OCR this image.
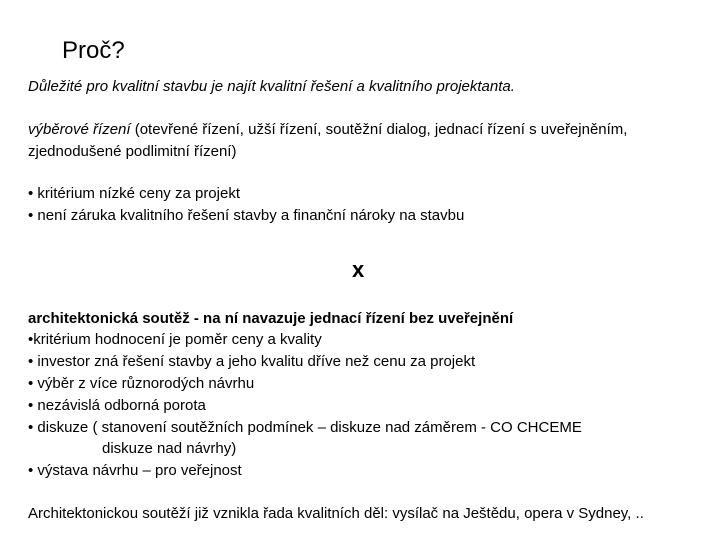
Proč?
Důležité pro kvalitní stavbu je najít kvalitní řešení a kvalitního projektanta.
výběrové řízení (otevřené řízení, užší řízení, soutěžní dialog, jednací řízení s uveřejněním,
zjednodušené podlimitní řízení)
• kritérium nízké ceny za projekt
• není záruka kvalitního řešení stavby a finanční nároky na stavbu
x
architektonická soutěž - na ní navazuje jednací řízení bez uveřejnění
•kritérium hodnocení je poměr ceny a kvality
• investor zná řešení stavby a jeho kvalitu dříve než cenu za projekt
• výběr z více různorodých návrhu
• nezávislá odborná porota
• diskuze ( stanovení soutěžních podmínek – diskuze nad záměrem - CO CHCEME
diskuze nad návrhy)
• výstava návrhu – pro veřejnost
Architektonickou soutěží již vznikla řada kvalitních děl: vysílač na Ještědu, opera v Sydney, ..
